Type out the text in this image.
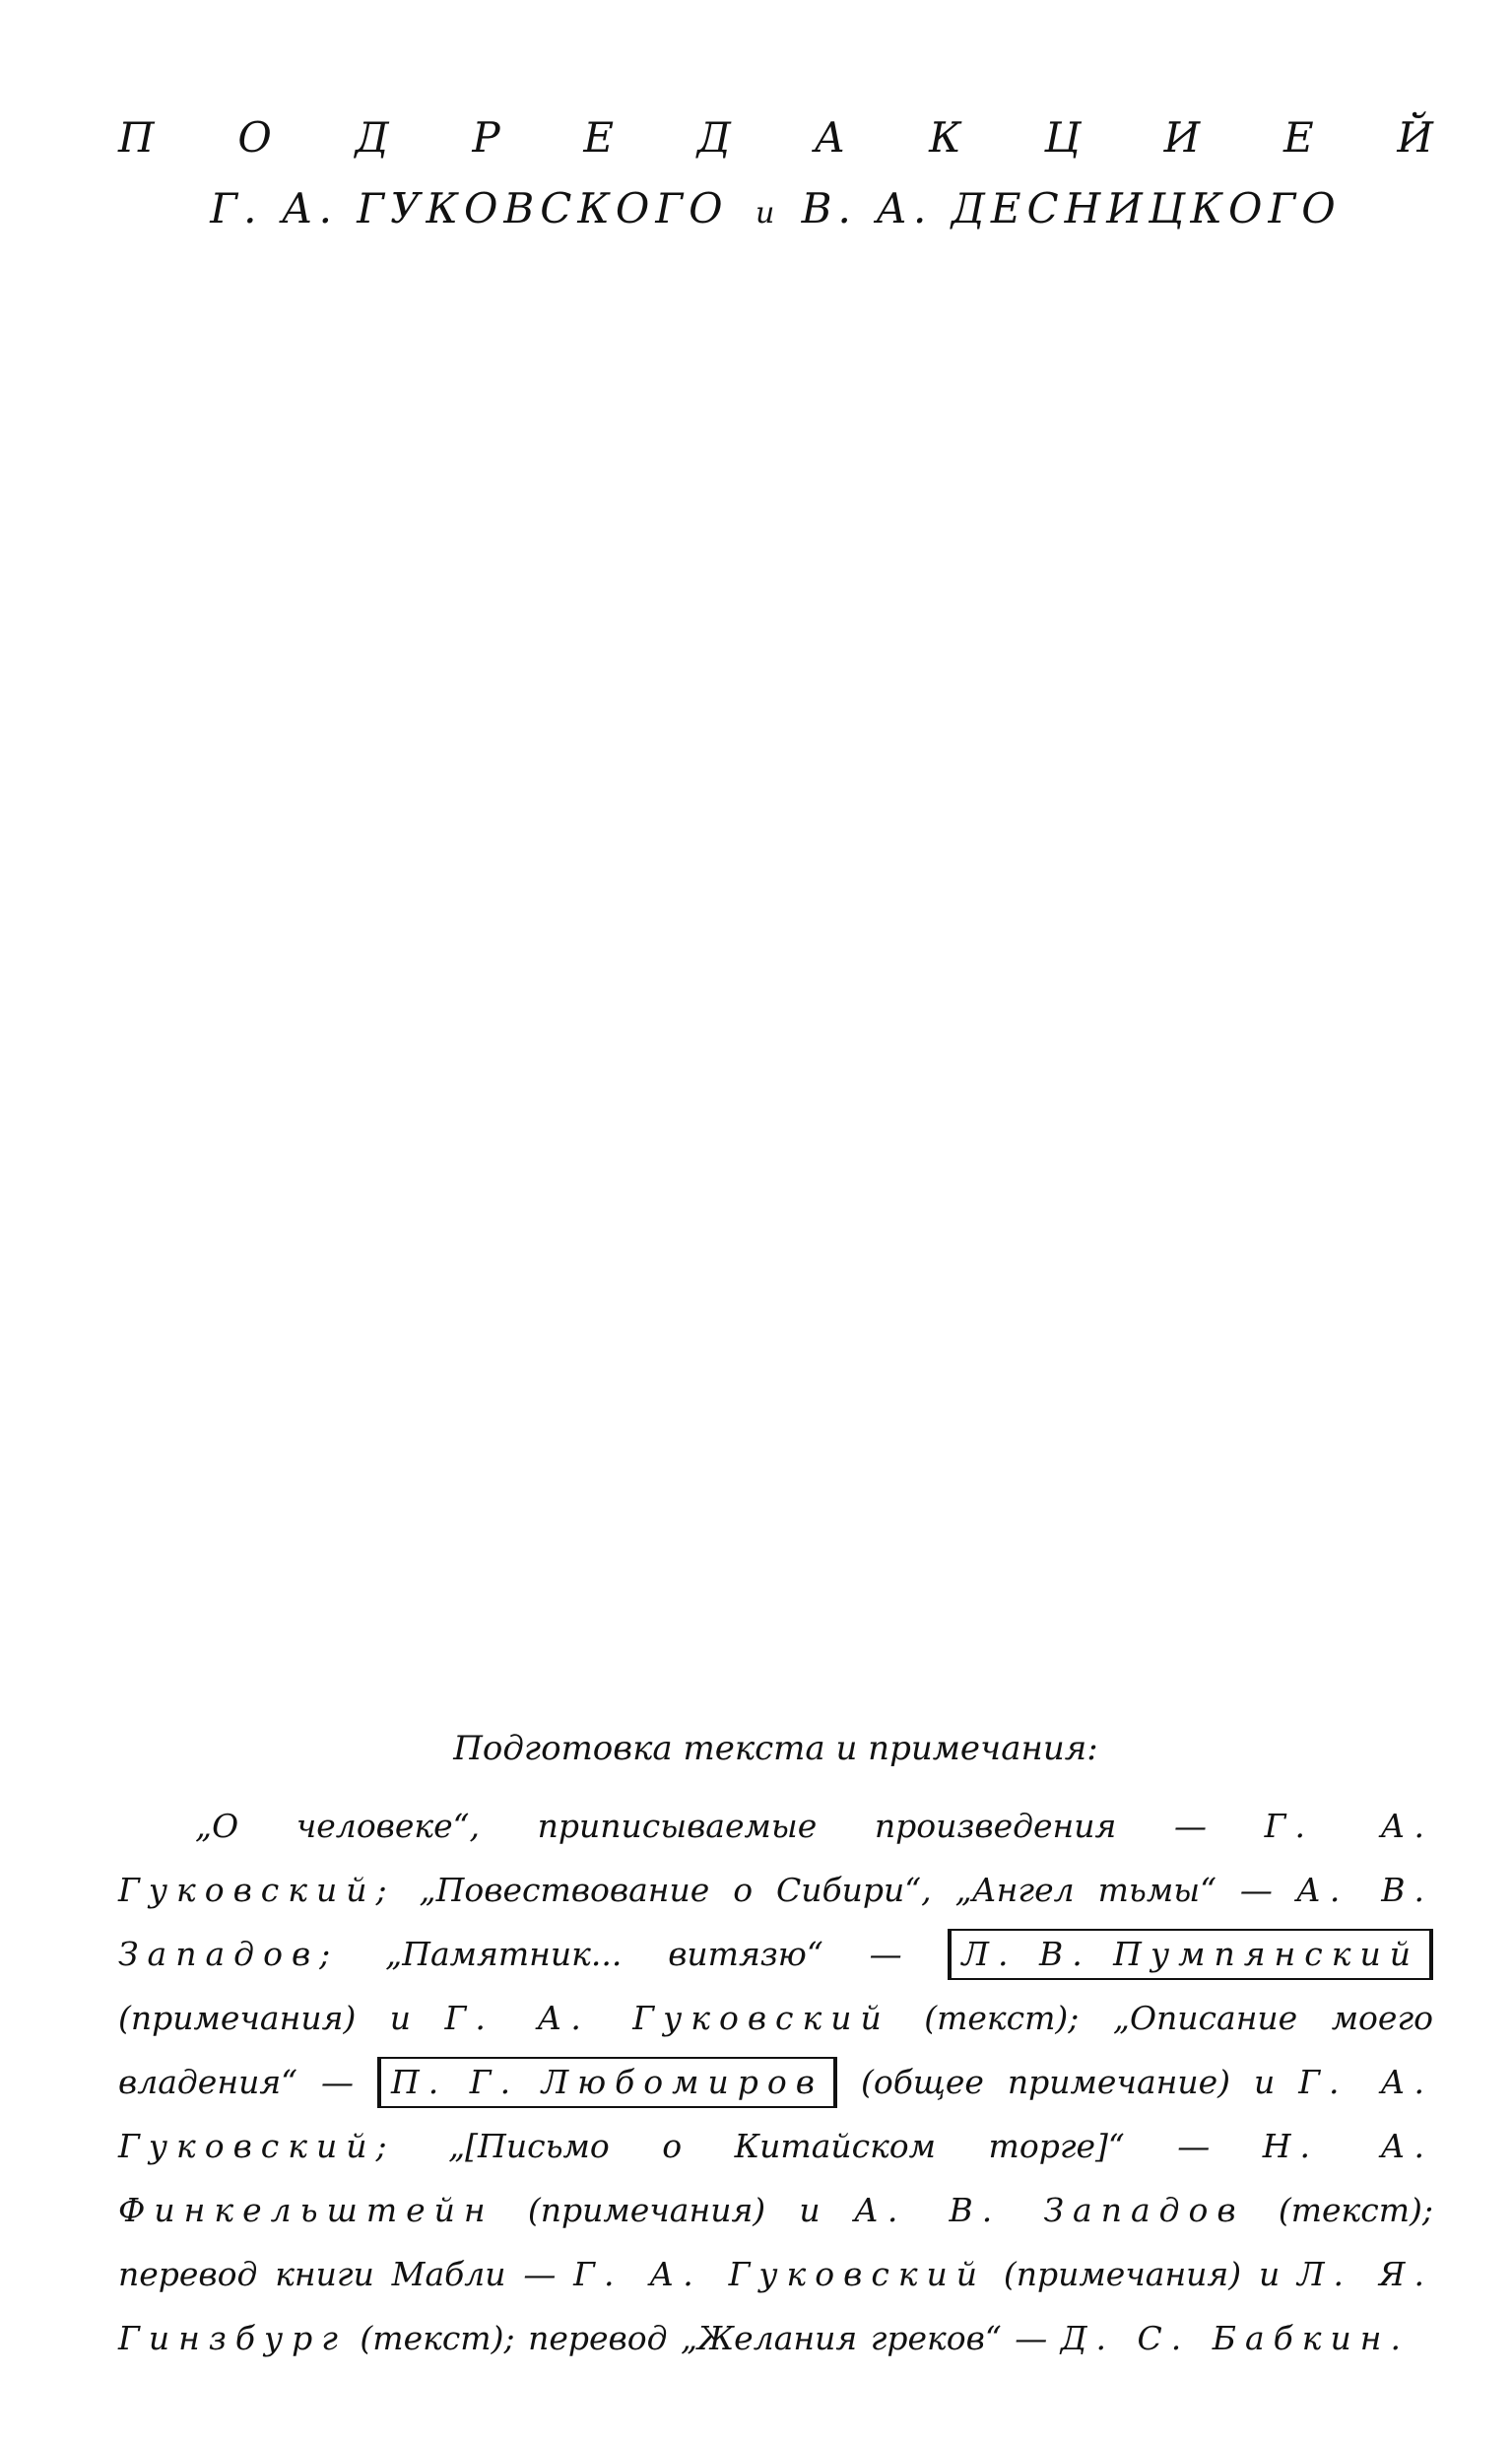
П О Д Р Е Д А К Ц И Е Й
Г. А. ГУКОВСКОГО и В. А. ДЕСНИЦКОГО
Подготовка текста и примечания:

„О человеке“, приписываемые произведения — Г. А. Гуковский; „Повествование о Сибири“, „Ангел тьмы“ — А. В. Западов; „Памятник... витязю“ — Л. В. Пумпянский (примечания) и Г. А. Гуковский (текст); „Описание моего владения“ — П. Г. Любомиров (общее примечание) и Г. А. Гуковский; „[Письмо о Китайском торге]“ — Н. А. Финкельштейн (примечания) и А. В. Западов (текст); перевод книги Мабли — Г. А. Гуковский (примечания) и Л. Я. Гинзбург (текст); перевод „Желания греков“ — Д. С. Бабкин.
